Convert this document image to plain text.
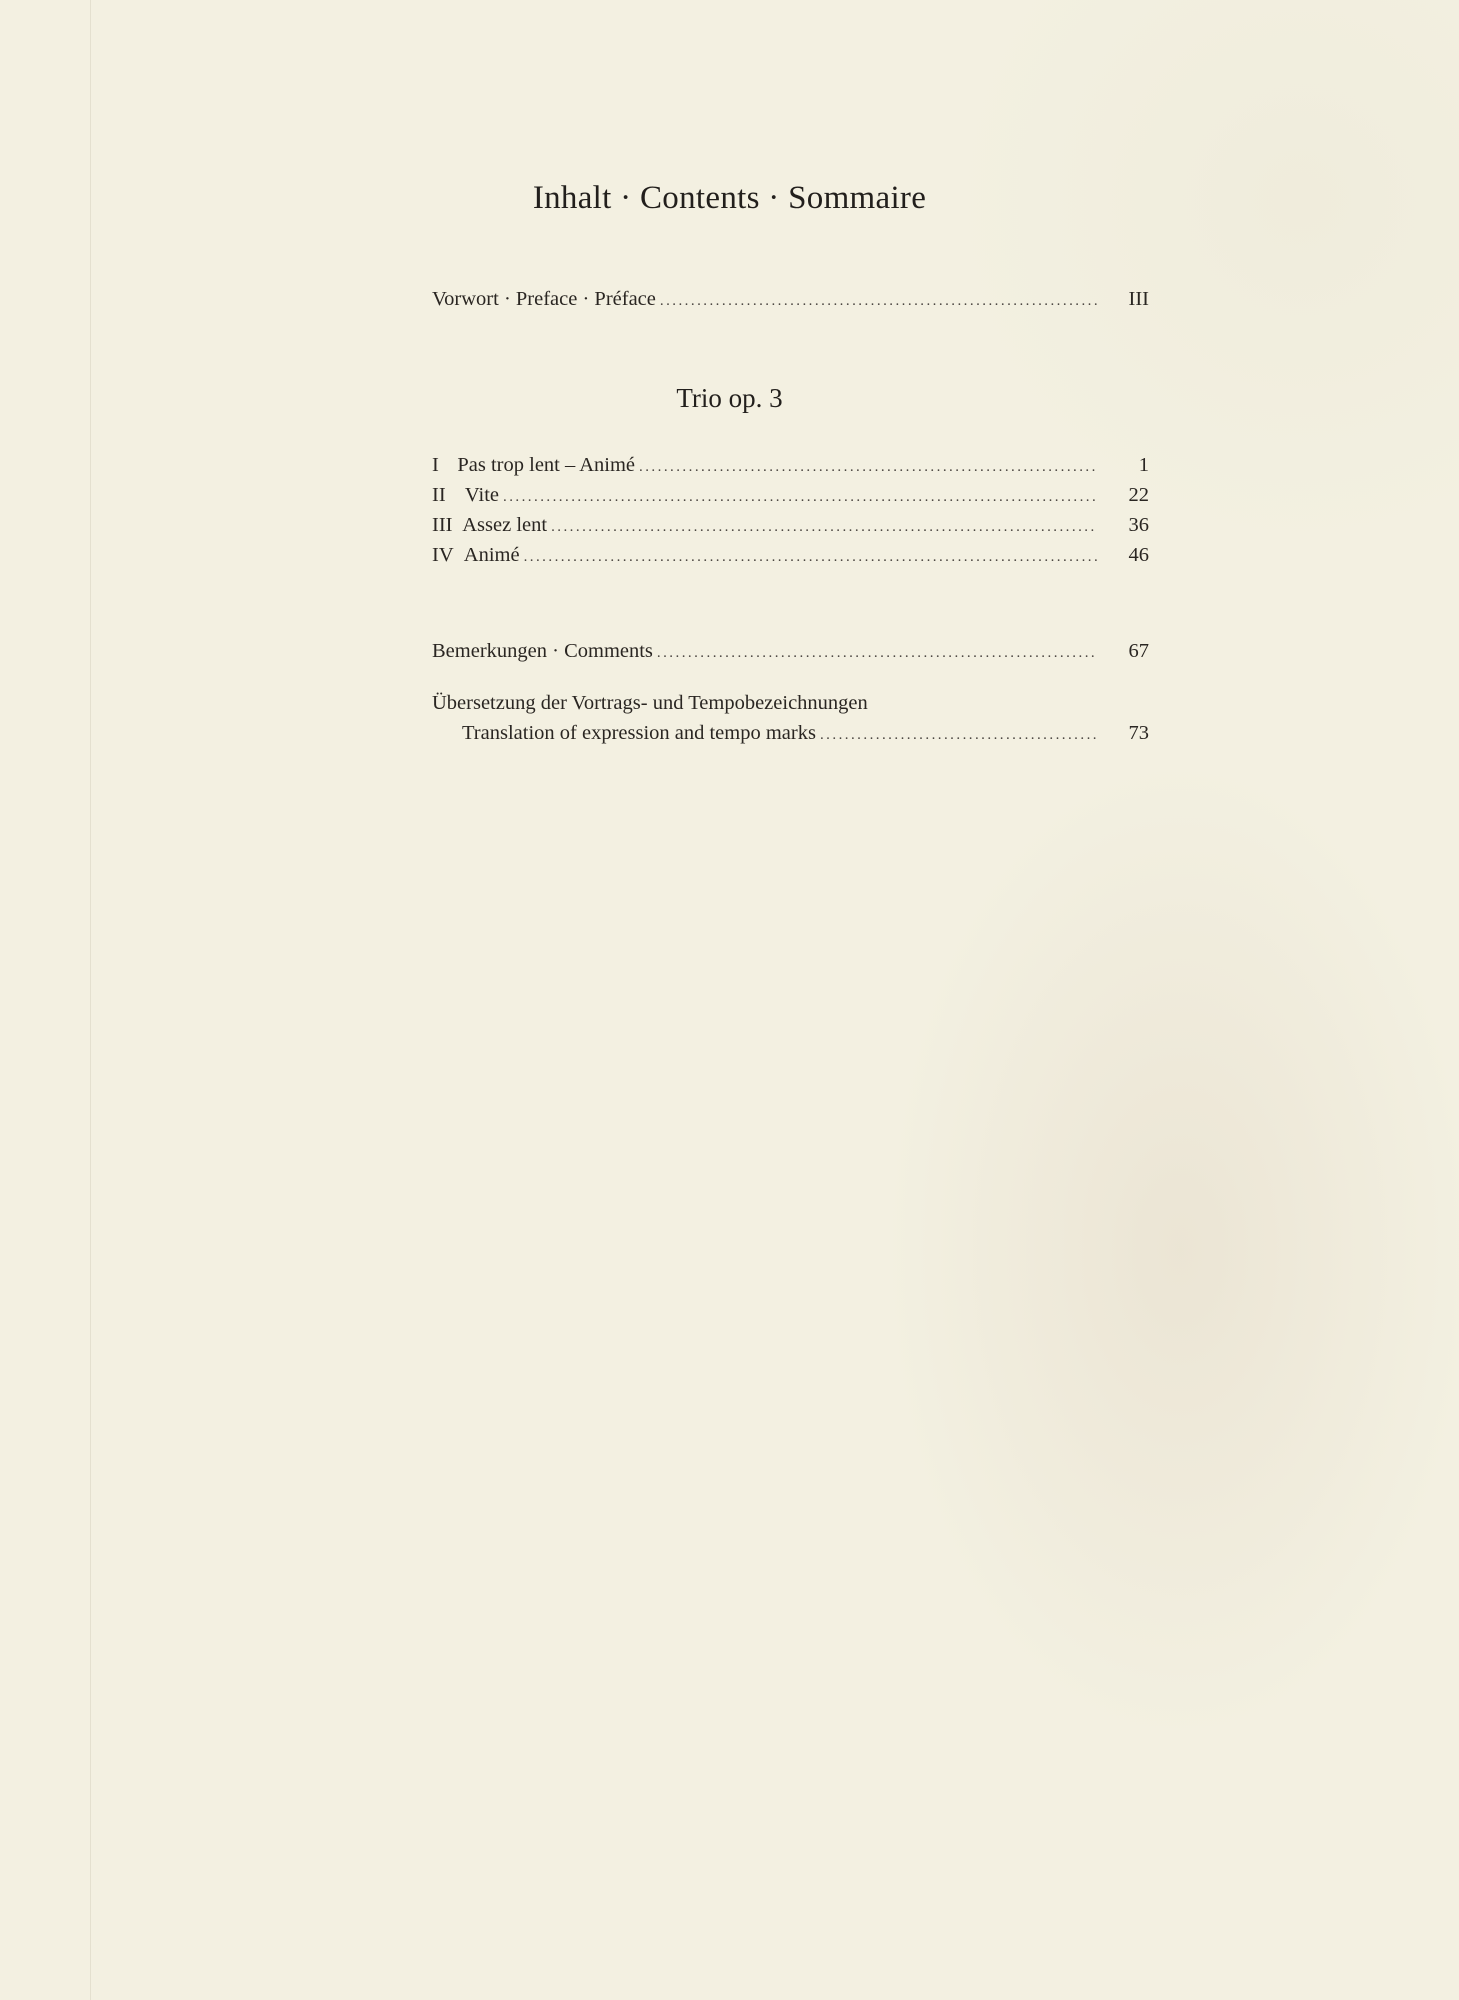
Inhalt · Contents · Sommaire
Vorwort · Preface · Préface . . .	III
Trio op. 3
I Pas trop lent – Animé . . .	1
II Vite . . .	22
III Assez lent . . .	36
IV Animé . . .	46
Bemerkungen · Comments . . .	67
Übersetzung der Vortrags- und Tempobezeichnungen
Translation of expression and tempo marks . . .	73
